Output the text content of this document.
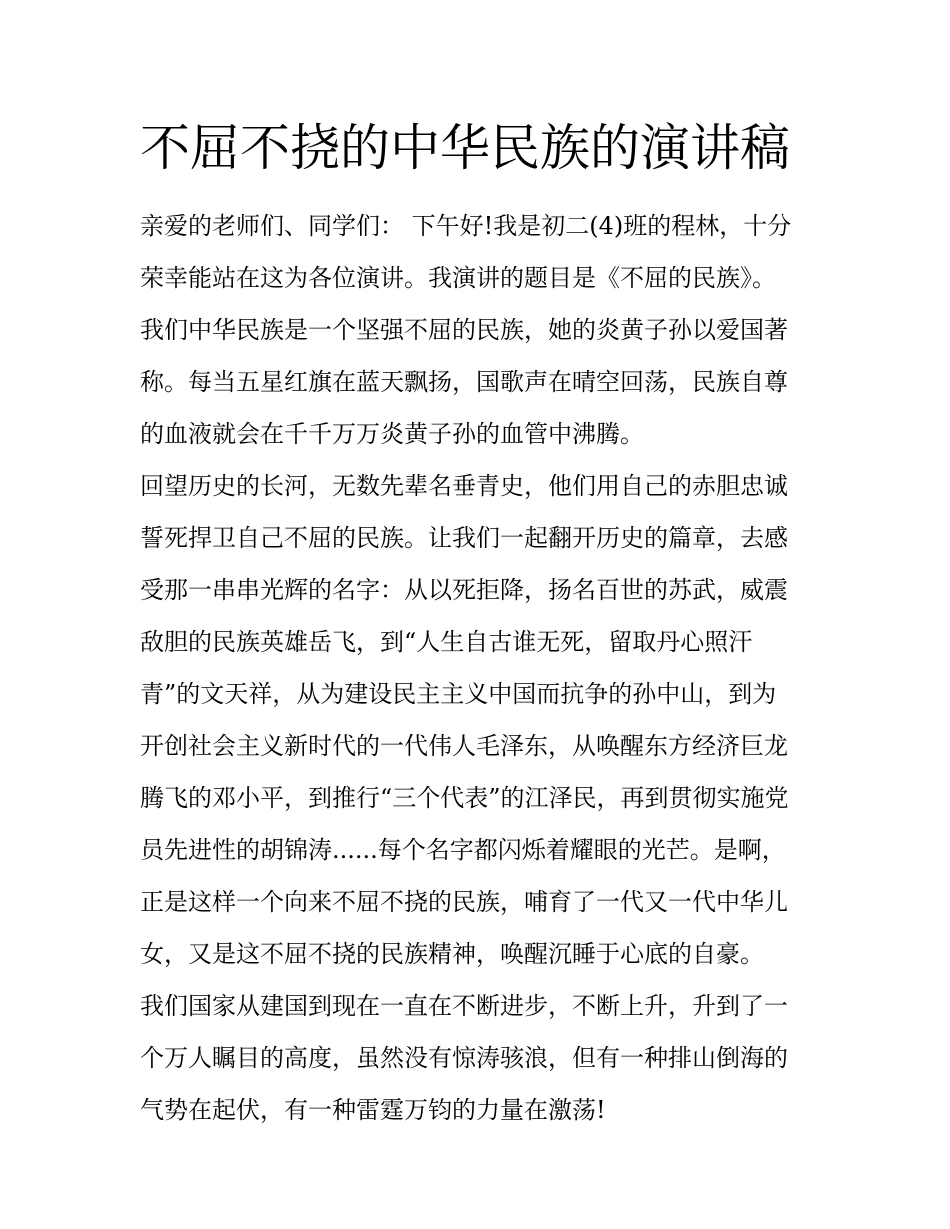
不屈不挠的中华民族的演讲稿
亲爱的老师们、同学们： 下午好!我是初二(4)班的程林，十分
荣幸能站在这为各位演讲。我演讲的题目是《不屈的民族》。
我们中华民族是一个坚强不屈的民族，她的炎黄子孙以爱国著
称。每当五星红旗在蓝天飘扬，国歌声在晴空回荡，民族自尊
的血液就会在千千万万炎黄子孙的血管中沸腾。
回望历史的长河，无数先辈名垂青史，他们用自己的赤胆忠诚
誓死捍卫自己不屈的民族。让我们一起翻开历史的篇章，去感
受那一串串光辉的名字：从以死拒降，扬名百世的苏武，威震
敌胆的民族英雄岳飞，到“人生自古谁无死，留取丹心照汗
青”的文天祥，从为建设民主主义中国而抗争的孙中山，到为
开创社会主义新时代的一代伟人毛泽东，从唤醒东方经济巨龙
腾飞的邓小平，到推行“三个代表”的江泽民，再到贯彻实施党
员先进性的胡锦涛......每个名字都闪烁着耀眼的光芒。是啊，
正是这样一个向来不屈不挠的民族，哺育了一代又一代中华儿
女，又是这不屈不挠的民族精神，唤醒沉睡于心底的自豪。
我们国家从建国到现在一直在不断进步，不断上升，升到了一
个万人瞩目的高度，虽然没有惊涛骇浪，但有一种排山倒海的
气势在起伏，有一种雷霆万钧的力量在激荡!
